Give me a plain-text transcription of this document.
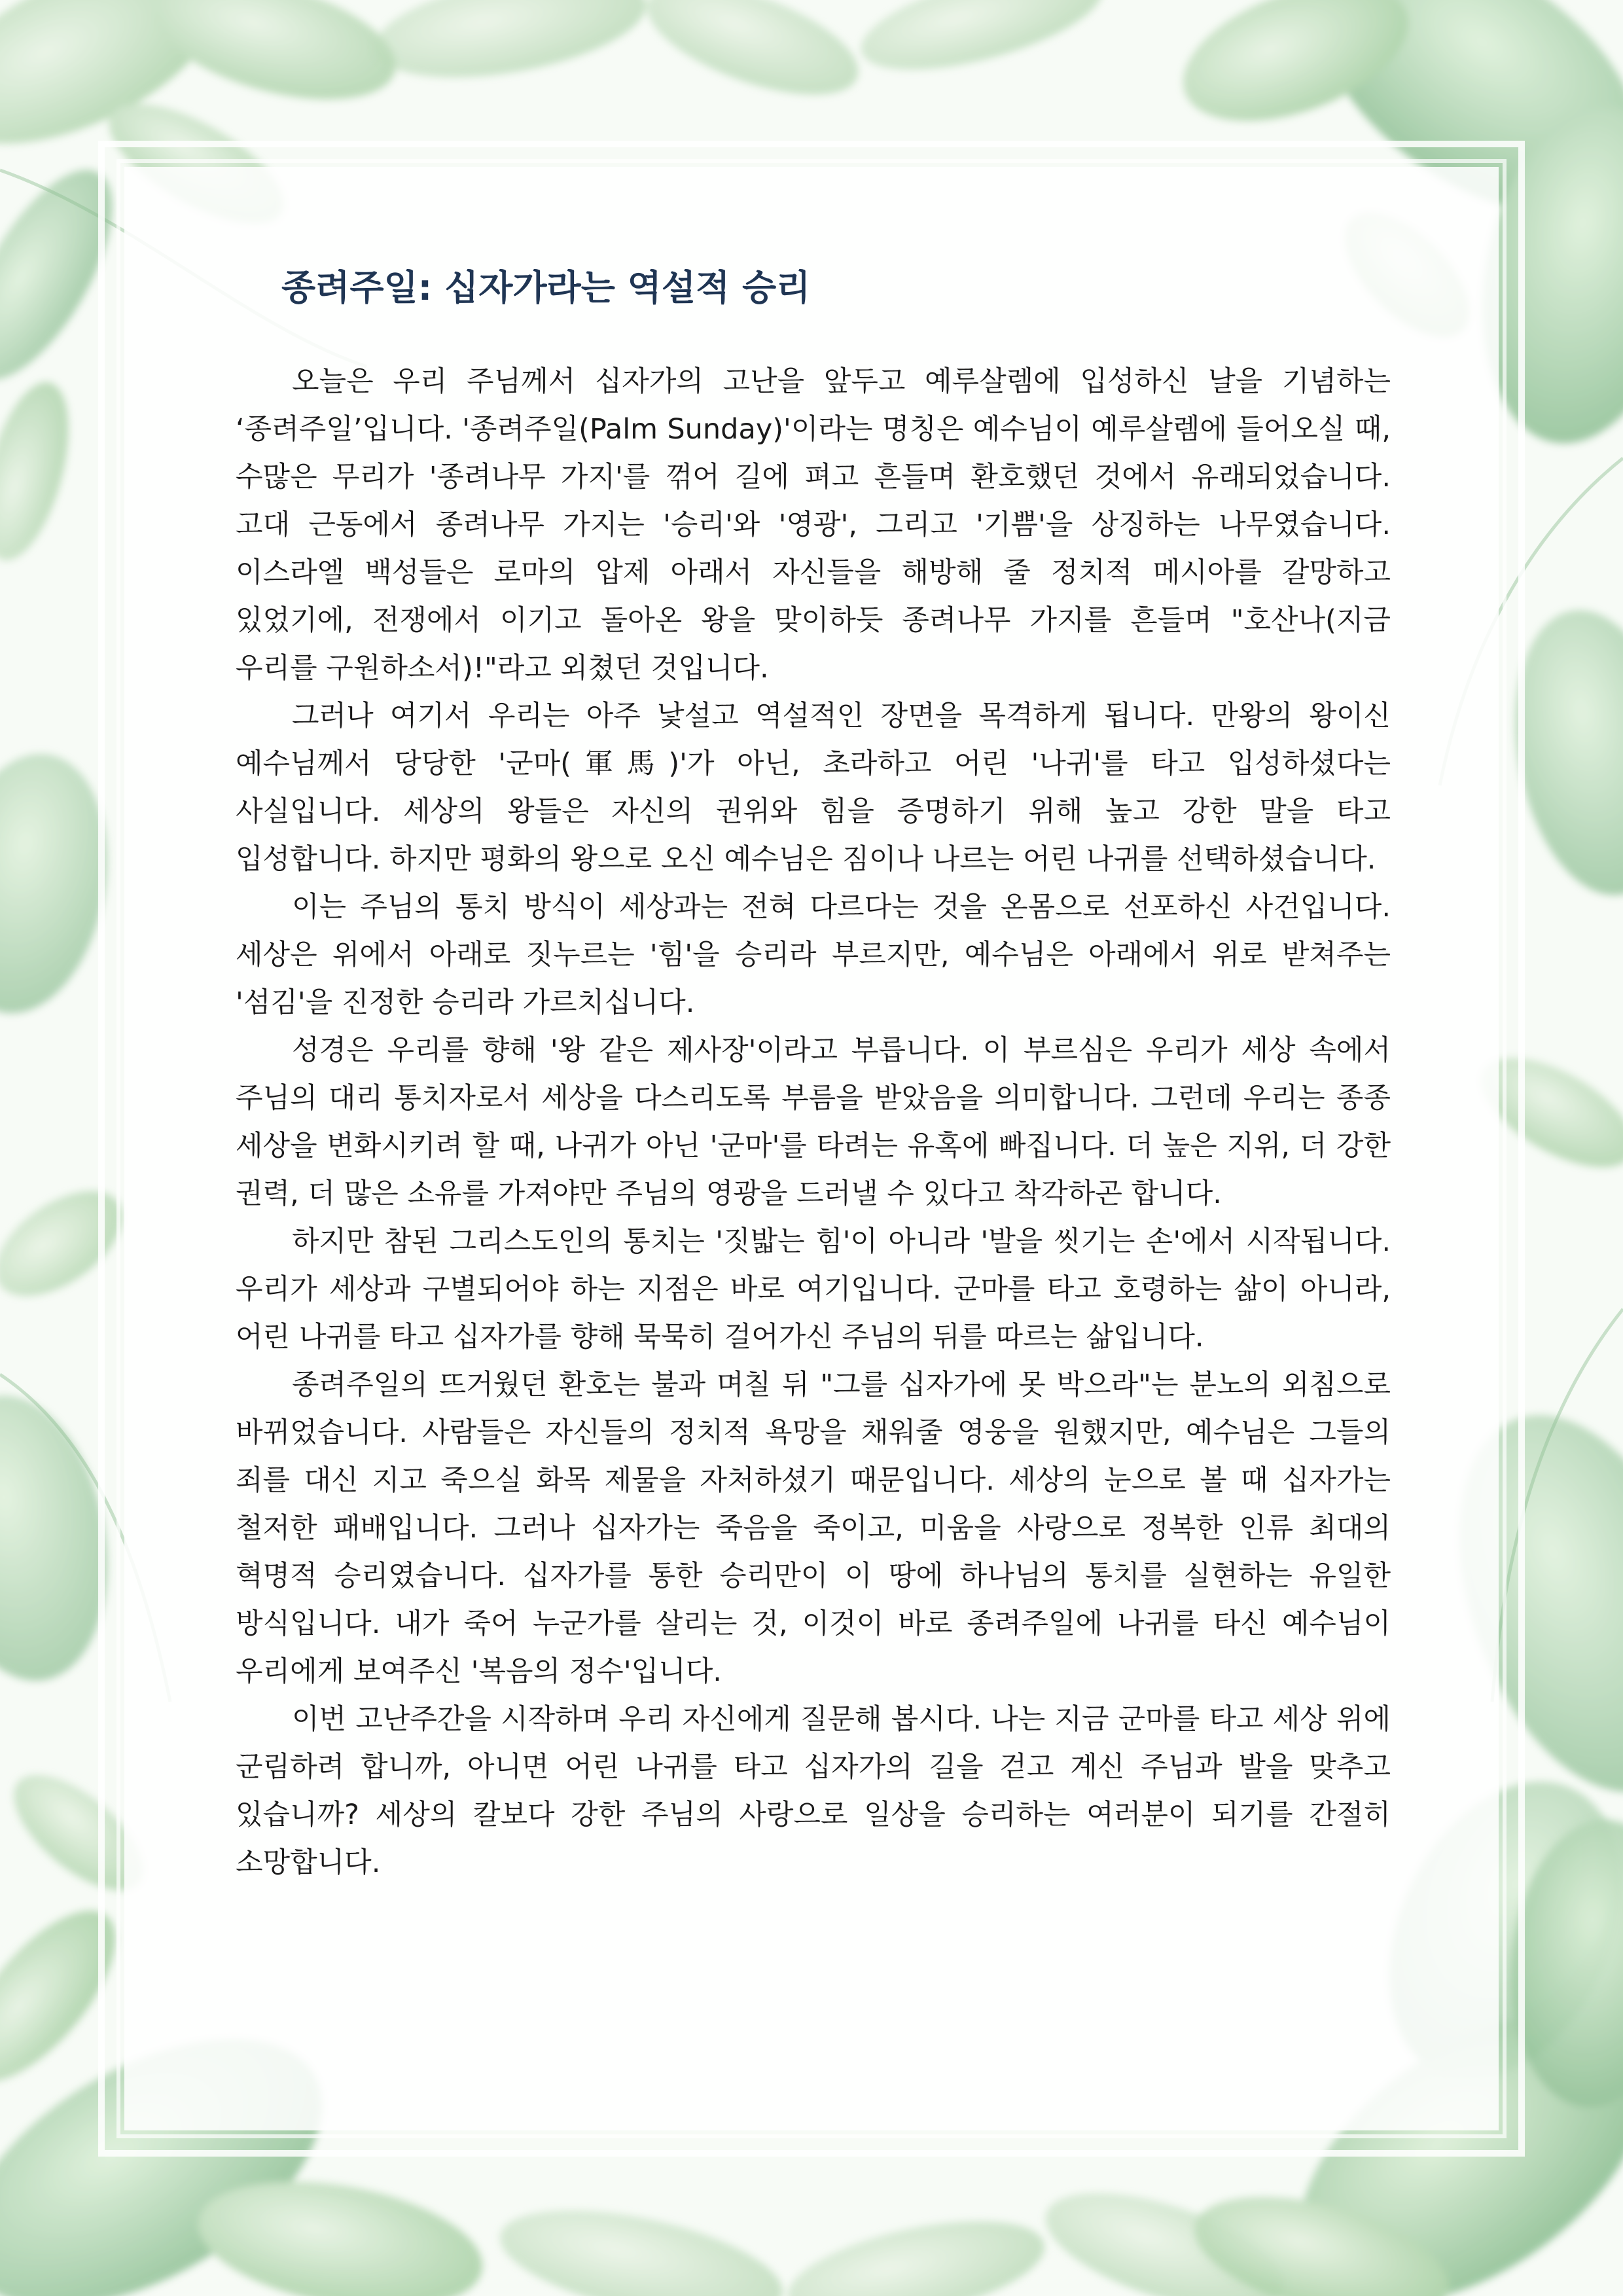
종려주일: 십자가라는 역설적 승리

오늘은 우리 주님께서 십자가의 고난을 앞두고 예루살렘에 입성하신 날을 기념하는 ‘종려주일’입니다. '종려주일(Palm Sunday)'이라는 명칭은 예수님이 예루살렘에 들어오실 때, 수많은 무리가 '종려나무 가지'를 꺾어 길에 펴고 흔들며 환호했던 것에서 유래되었습니다. 고대 근동에서 종려나무 가지는 '승리'와 '영광', 그리고 '기쁨'을 상징하는 나무였습니다. 이스라엘 백성들은 로마의 압제 아래서 자신들을 해방해 줄 정치적 메시아를 갈망하고 있었기에, 전쟁에서 이기고 돌아온 왕을 맞이하듯 종려나무 가지를 흔들며 "호산나(지금 우리를 구원하소서)!"라고 외쳤던 것입니다.

그러나 여기서 우리는 아주 낯설고 역설적인 장면을 목격하게 됩니다. 만왕의 왕이신 예수님께서 당당한 '군마(軍馬)'가 아닌, 초라하고 어린 '나귀'를 타고 입성하셨다는 사실입니다. 세상의 왕들은 자신의 권위와 힘을 증명하기 위해 높고 강한 말을 타고 입성합니다. 하지만 평화의 왕으로 오신 예수님은 짐이나 나르는 어린 나귀를 선택하셨습니다.

이는 주님의 통치 방식이 세상과는 전혀 다르다는 것을 온몸으로 선포하신 사건입니다. 세상은 위에서 아래로 짓누르는 '힘'을 승리라 부르지만, 예수님은 아래에서 위로 받쳐주는 '섬김'을 진정한 승리라 가르치십니다.

성경은 우리를 향해 '왕 같은 제사장'이라고 부릅니다. 이 부르심은 우리가 세상 속에서 주님의 대리 통치자로서 세상을 다스리도록 부름을 받았음을 의미합니다. 그런데 우리는 종종 세상을 변화시키려 할 때, 나귀가 아닌 '군마'를 타려는 유혹에 빠집니다. 더 높은 지위, 더 강한 권력, 더 많은 소유를 가져야만 주님의 영광을 드러낼 수 있다고 착각하곤 합니다.

하지만 참된 그리스도인의 통치는 '짓밟는 힘'이 아니라 '발을 씻기는 손'에서 시작됩니다. 우리가 세상과 구별되어야 하는 지점은 바로 여기입니다. 군마를 타고 호령하는 삶이 아니라, 어린 나귀를 타고 십자가를 향해 묵묵히 걸어가신 주님의 뒤를 따르는 삶입니다.

종려주일의 뜨거웠던 환호는 불과 며칠 뒤 "그를 십자가에 못 박으라"는 분노의 외침으로 바뀌었습니다. 사람들은 자신들의 정치적 욕망을 채워줄 영웅을 원했지만, 예수님은 그들의 죄를 대신 지고 죽으실 화목 제물을 자처하셨기 때문입니다. 세상의 눈으로 볼 때 십자가는 철저한 패배입니다. 그러나 십자가는 죽음을 죽이고, 미움을 사랑으로 정복한 인류 최대의 혁명적 승리였습니다. 십자가를 통한 승리만이 이 땅에 하나님의 통치를 실현하는 유일한 방식입니다. 내가 죽어 누군가를 살리는 것, 이것이 바로 종려주일에 나귀를 타신 예수님이 우리에게 보여주신 '복음의 정수'입니다.

이번 고난주간을 시작하며 우리 자신에게 질문해 봅시다. 나는 지금 군마를 타고 세상 위에 군림하려 합니까, 아니면 어린 나귀를 타고 십자가의 길을 걷고 계신 주님과 발을 맞추고 있습니까? 세상의 칼보다 강한 주님의 사랑으로 일상을 승리하는 여러분이 되기를 간절히 소망합니다.
